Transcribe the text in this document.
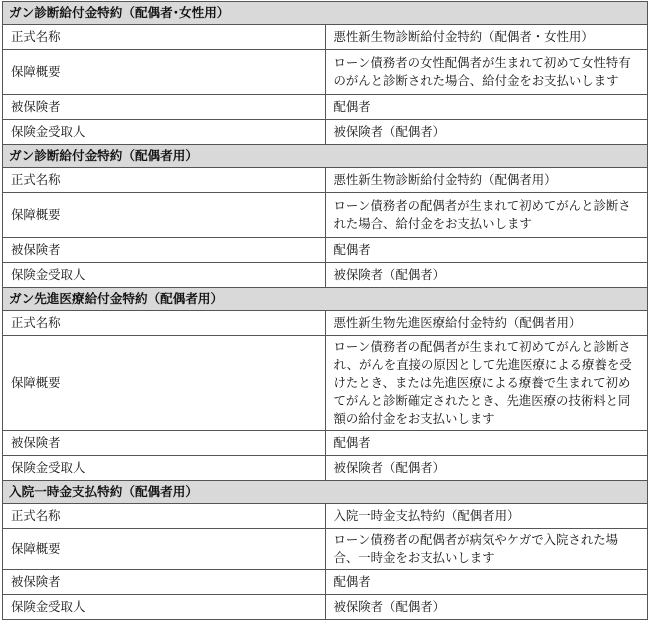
ガン診断給付金特約（配偶者･女性用）	
正式名称	悪性新生物診断給付金特約（配偶者・女性用）
保障概要	ローン債務者の女性配偶者が生まれて初めて女性特有のがんと診断された場合、給付金をお支払いします
被保険者	配偶者
保険金受取人	被保険者（配偶者）
ガン診断給付金特約（配偶者用）	
正式名称	悪性新生物診断給付金特約（配偶者用）
保障概要	ローン債務者の配偶者が生まれて初めてがんと診断された場合、給付金をお支払いします
被保険者	配偶者
保険金受取人	被保険者（配偶者）
ガン先進医療給付金特約（配偶者用）	
正式名称	悪性新生物先進医療給付金特約（配偶者用）
保障概要	ローン債務者の配偶者が生まれて初めてがんと診断され、がんを直接の原因として先進医療による療養を受けたとき、または先進医療による療養で生まれて初めてがんと診断確定されたとき、先進医療の技術料と同額の給付金をお支払いします
被保険者	配偶者
保険金受取人	被保険者（配偶者）
入院一時金支払特約（配偶者用）	
正式名称	入院一時金支払特約（配偶者用）
保障概要	ローン債務者の配偶者が病気やケガで入院された場合、一時金をお支払いします
被保険者	配偶者
保険金受取人	被保険者（配偶者）
